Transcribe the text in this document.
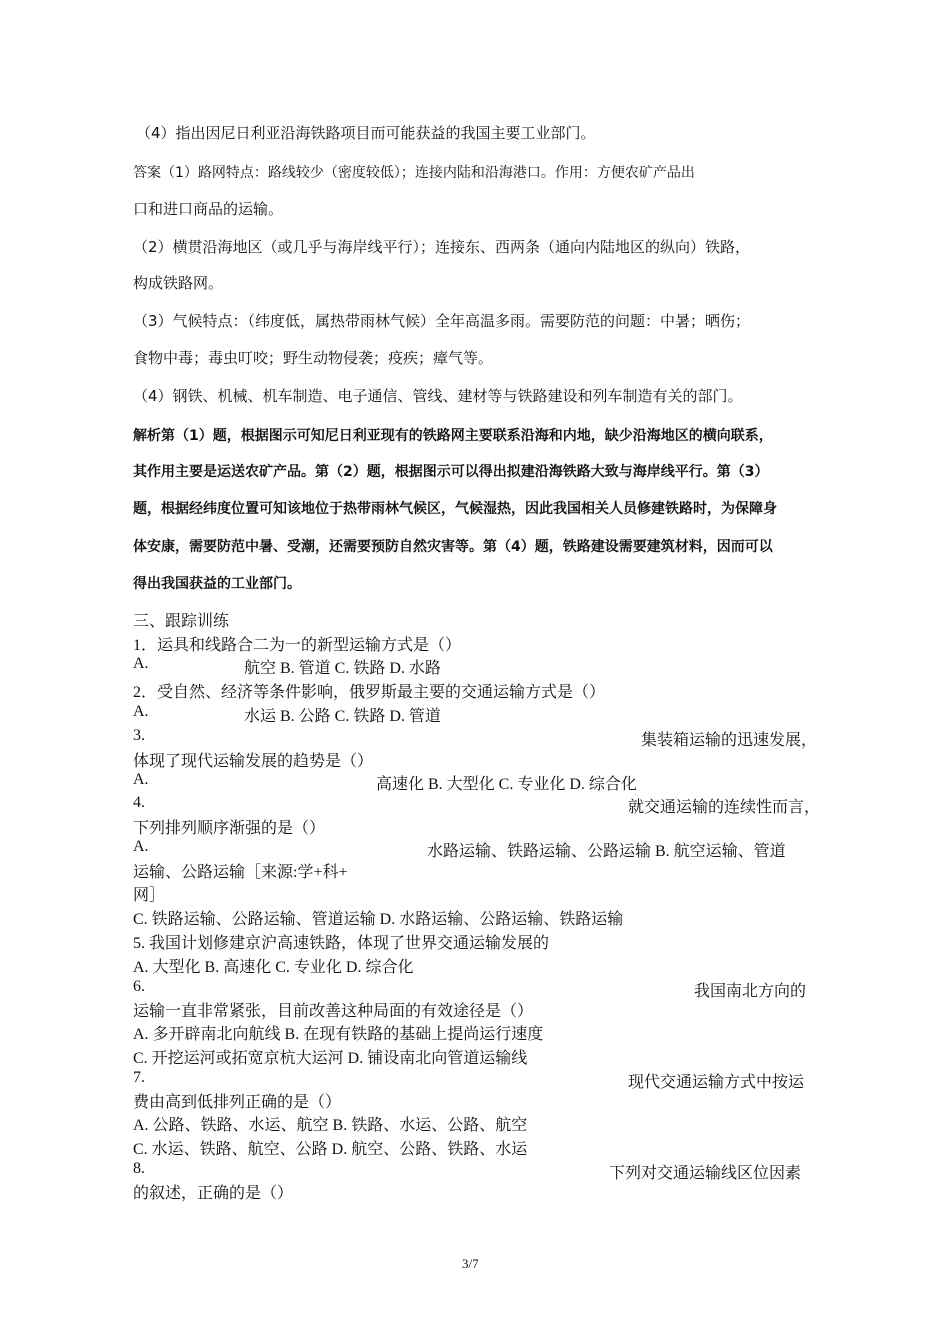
（4）指出因尼日利亚沿海铁路项目而可能获益的我国主要工业部门。
答案（1）路网特点：路线较少（密度较低）；连接内陆和沿海港口。作用：方便农矿产品出
口和进口商品的运输。
（2）横贯沿海地区（或几乎与海岸线平行）；连接东、西两条（通向内陆地区的纵向）铁路，
构成铁路网。
（3）气候特点：（纬度低，属热带雨林气候）全年高温多雨。需要防范的问题：中暑；晒伤；
食物中毒；毒虫叮咬；野生动物侵袭；疫疾；瘴气等。
（4）钢铁、机械、机车制造、电子通信、管线、建材等与铁路建设和列车制造有关的部门。
解析第（1）题，根据图示可知尼日利亚现有的铁路网主要联系沿海和内地，缺少沿海地区的横向联系，
其作用主要是运送农矿产品。第（2）题，根据图示可以得出拟建沿海铁路大致与海岸线平行。第（3）
题，根据经纬度位置可知该地位于热带雨林气候区，气候湿热，因此我国相关人员修建铁路时，为保障身
体安康，需要防范中暑、受潮，还需要预防自然灾害等。第（4）题，铁路建设需要建筑材料，因而可以
得出我国获益的工业部门。
三、跟踪训练
1．运具和线路合二为一的新型运输方式是（）
A.	航空 B. 管道 C. 铁路 D. 水路
2．受自然、经济等条件影响，俄罗斯最主要的交通运输方式是（）
A.	水运 B. 公路 C. 铁路 D. 管道
3.	集装箱运输的迅速发展，
体现了现代运输发展的趋势是（）
A.	高速化 B. 大型化 C. 专业化 D. 综合化
4.	就交通运输的连续性而言，
下列排列顺序渐强的是（）
A.	水路运输、铁路运输、公路运输 B. 航空运输、管道
运输、公路运输［来源:学+科+
网］
C. 铁路运输、公路运输、管道运输 D. 水路运输、公路运输、铁路运输
5. 我国计划修建京沪高速铁路，体现了世界交通运输发展的
A. 大型化 B. 高速化 C. 专业化 D. 综合化
6.	我国南北方向的
运输一直非常紧张，目前改善这种局面的有效途径是（）
A. 多开辟南北向航线 B. 在现有铁路的基础上提尚运行速度
C. 开挖运河或拓宽京杭大运河 D. 铺设南北向管道运输线
7.	现代交通运输方式中按运
费由高到低排列正确的是（）
A. 公路、铁路、水运、航空 B. 铁路、水运、公路、航空
C. 水运、铁路、航空、公路 D. 航空、公路、铁路、水运
8.	下列对交通运输线区位因素
的叙述，正确的是（）
3/7
